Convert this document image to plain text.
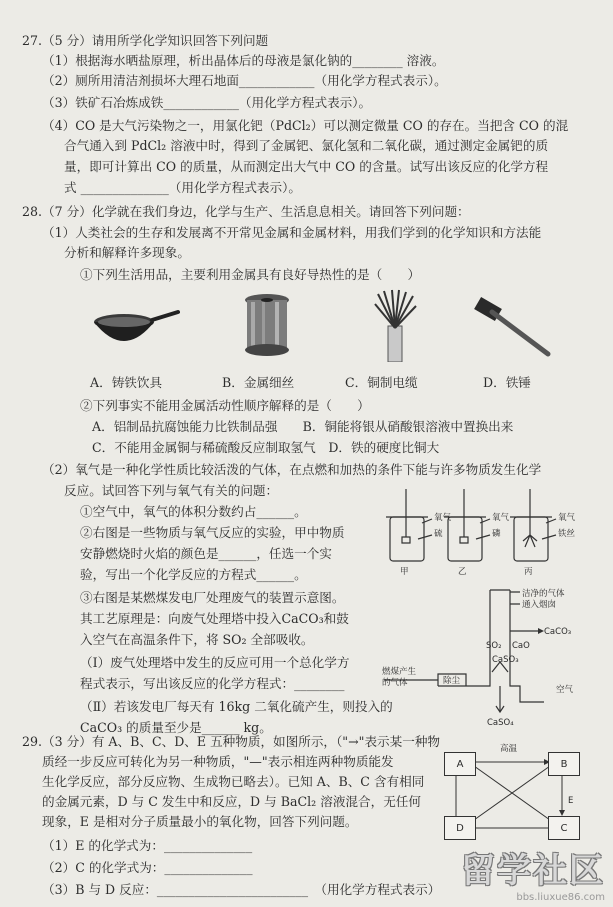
27.（5 分）请用所学化学知识回答下列问题
（1）根据海水晒盐原理，析出晶体后的母液是氯化钠的________ 溶液。
（2）厕所用清洁剂损坏大理石地面____________（用化学方程式表示）。
（3）铁矿石冶炼成铁____________（用化学方程式表示）。
（4）CO 是大气污染物之一，用氯化钯（PdCl₂）可以测定微量 CO 的存在。当把含 CO 的混
合气通入到 PdCl₂ 溶液中时，得到了金属钯、氯化氢和二氧化碳，通过测定金属钯的质
量，即可计算出 CO 的质量，从而测定出大气中 CO 的含量。试写出该反应的化学方程
式 ______________（用化学方程式表示）。
28.（7 分）化学就在我们身边，化学与生产、生活息息相关。请回答下列问题：
（1）人类社会的生存和发展离不开常见金属和金属材料，用我们学到的化学知识和方法能
分析和解释许多现象。
①下列生活用品，主要利用金属具有良好导热性的是（　　）
A．铸铁饮具	B．金属细丝	C．铜制电缆	D．铁锤
②下列事实不能用金属活动性顺序解释的是（　　）
A．铝制品抗腐蚀能力比铁制品强　　B．铜能将银从硝酸银溶液中置换出来
C．不能用金属铜与稀硫酸反应制取氢气　D．铁的硬度比铜大
（2）氧气是一种化学性质比较活泼的气体，在点燃和加热的条件下能与许多物质发生化学
反应。试回答下列与氧气有关的问题：
①空气中，氧气的体积分数约占______。
②右图是一些物质与氧气反应的实验，甲中物质
安静燃烧时火焰的颜色是______，任选一个实
验，写出一个化学反应的方程式______。
③右图是某燃煤发电厂处理废气的装置示意图。
其工艺原理是：向废气处理塔中投入CaCO₃和鼓
入空气在高温条件下，将 SO₂ 全部吸收。
（Ⅰ）废气处理塔中发生的反应可用一个总化学方
程式表示，写出该反应的化学方程式：________
（Ⅱ）若该发电厂每天有 16kg 二氧化硫产生，则投入的
CaCO₃ 的质量至少是______ kg。
氧气
硫
氧气
磷
氧气
铁丝
甲	乙	丙
洁净的气体
通入烟囱
CaCO₃
SO₂ CaO
CaSO₃
燃煤产生
的气体	除尘
空气
CaSO₄
29.（3 分）有 A、B、C、D、E 五种物质，如图所示，（"→"表示某一种物
质经一步反应可转化为另一种物质，"—"表示相连两种物质能发
生化学反应，部分反应物、生成物已略去）。已知 A、B、C 含有相同
的金属元素，D 与 C 发生中和反应，D 与 BaCl₂ 溶液混合，无任何
现象，E 是相对分子质量最小的氧化物，回答下列问题。
（1）E 的化学式为：______________
（2）C 的化学式为：______________
（3）B 与 D 反应：________________________　（用化学方程式表示）
高温
A	B
C
D
E
留学社区
bbs.liuxue86.com
